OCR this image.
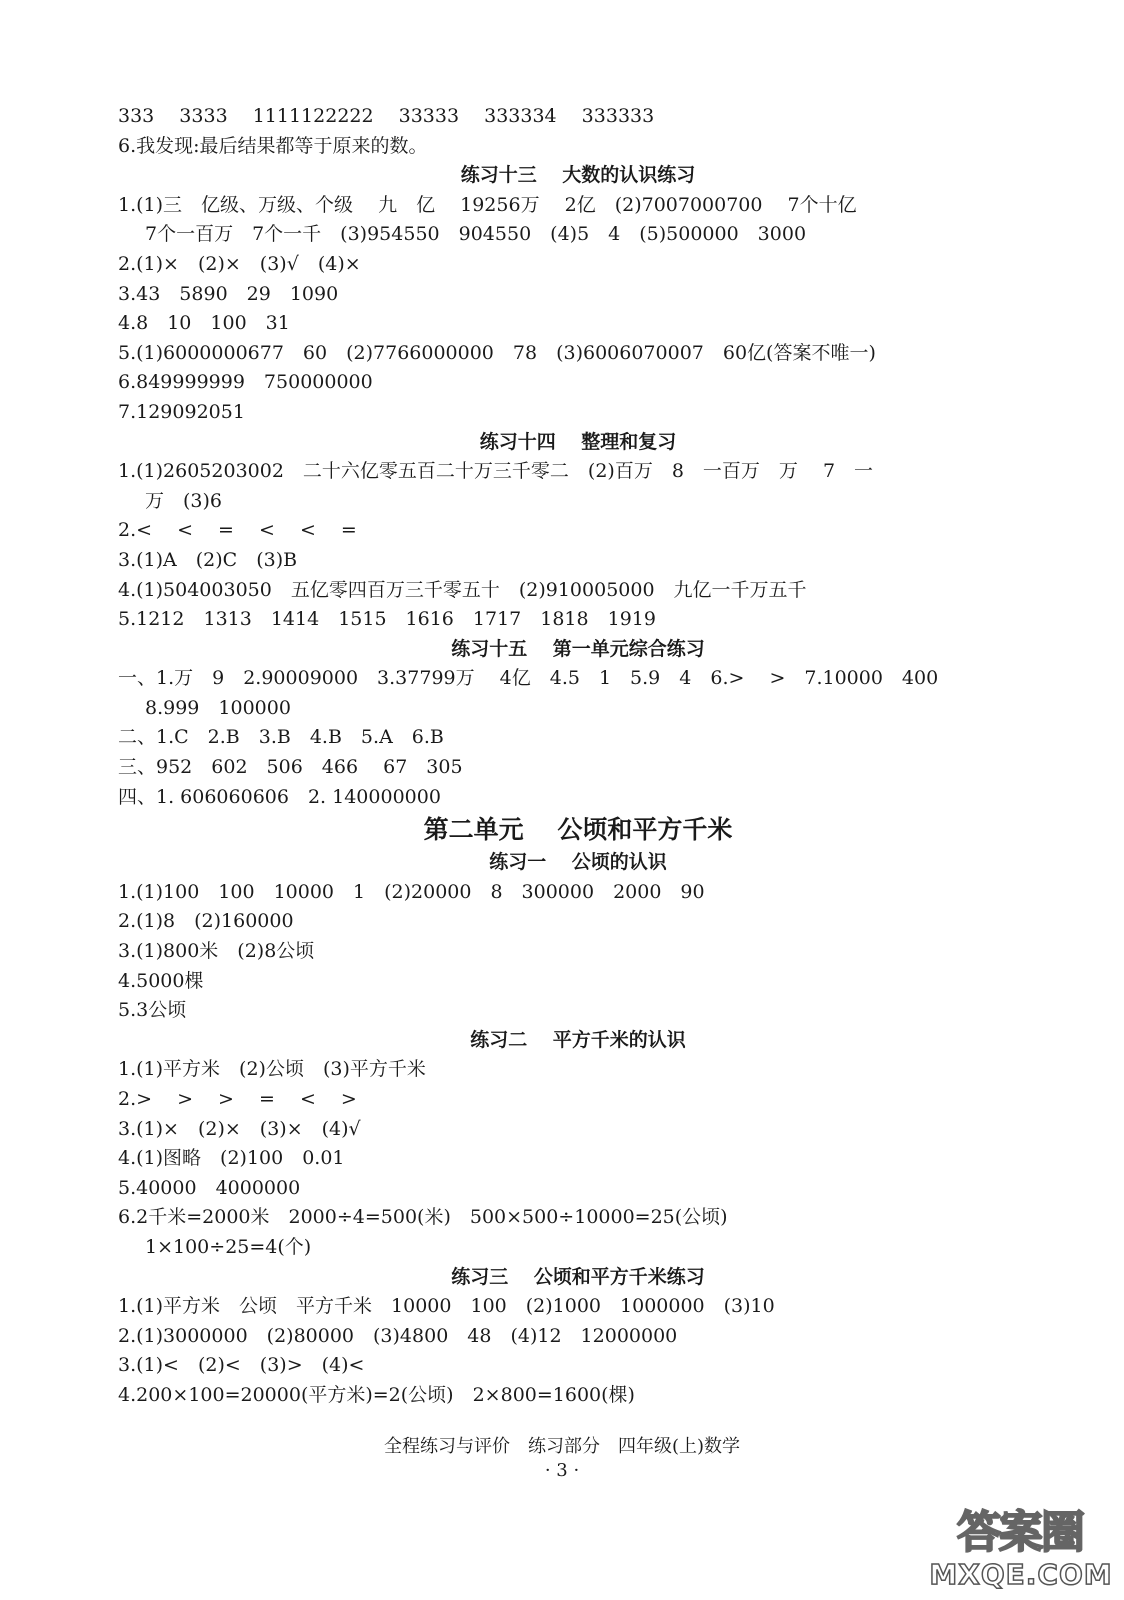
333　 3333　 1111122222　 33333　 333334　 333333
6.我发现:最后结果都等于原来的数。
练习十三　 大数的认识练习
1.(1)三　亿级、万级、个级　 九　亿　 19256万　 2亿　(2)7007000700　 7个十亿
7个一百万　7个一千　(3)954550　904550　(4)5　4　(5)500000　3000
2.(1)×　(2)×　(3)√　(4)×
3.43　5890　29　1090
4.8　10　100　31
5.(1)6000000677　60　(2)7766000000　78　(3)6006070007　60亿(答案不唯一)
6.849999999　750000000
7.129092051
练习十四　 整理和复习
1.(1)2605203002　二十六亿零五百二十万三千零二　(2)百万　8　一百万　万　 7　一
万　(3)6
2.<　 <　 =　 <　 <　 =
3.(1)A　(2)C　(3)B
4.(1)504003050　五亿零四百万三千零五十　(2)910005000　九亿一千万五千
5.1212　1313　1414　1515　1616　1717　1818　1919
练习十五　 第一单元综合练习
一、1.万　9　2.90009000　3.37799万　 4亿　4.5　1　5.9　4　6.>　 >　7.10000　400
8.999　100000
二、1.C　2.B　3.B　4.B　5.A　6.B
三、952　602　506　466　 67　305
四、1. 606060606　2. 140000000
第二单元　 公顷和平方千米
练习一　 公顷的认识
1.(1)100　100　10000　1　(2)20000　8　300000　2000　90
2.(1)8　(2)160000
3.(1)800米　(2)8公顷
4.5000棵
5.3公顷
练习二　 平方千米的认识
1.(1)平方米　(2)公顷　(3)平方千米
2.>　 >　 >　 =　 <　 >
3.(1)×　(2)×　(3)×　(4)√
4.(1)图略　(2)100　0.01
5.40000　4000000
6.2千米=2000米　2000÷4=500(米)　500×500÷10000=25(公顷)
1×100÷25=4(个)
练习三　 公顷和平方千米练习
1.(1)平方米　公顷　平方千米　10000　100　(2)1000　1000000　(3)10
2.(1)3000000　(2)80000　(3)4800　48　(4)12　12000000
3.(1)<　(2)<　(3)>　(4)<
4.200×100=20000(平方米)=2(公顷)　2×800=1600(棵)
全程练习与评价　练习部分　四年级(上)数学
· 3 ·
答案圈
MXQE.COM
